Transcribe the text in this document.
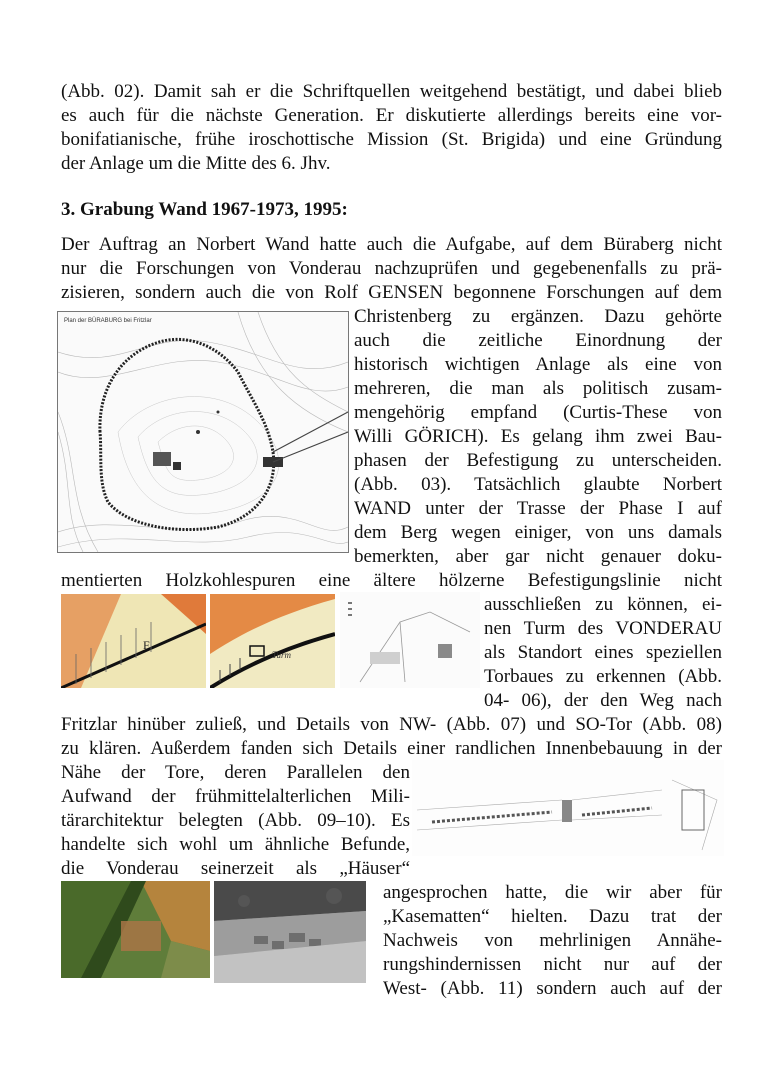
(Abb. 02). Damit sah er die Schriftquellen weitgehend bestätigt, und dabei blieb
es auch für die nächste Generation. Er diskutierte allerdings bereits eine vor-
bonifatianische, frühe iroschottische Mission (St. Brigida) und eine Gründung
der Anlage um die Mitte des 6. Jhv.
3. Grabung Wand 1967-1973, 1995:
Der Auftrag an Norbert Wand hatte auch die Aufgabe, auf dem Büraberg nicht
nur die Forschungen von Vonderau nachzuprüfen und gegebenenfalls zu prä-
zisieren, sondern auch die von Rolf GENSEN begonnene Forschungen auf dem
Christenberg zu ergänzen. Dazu gehörte
auch die zeitliche Einordnung der
historisch wichtigen Anlage als eine von
mehreren, die man als politisch zusam-
mengehörig empfand (Curtis-These von
Willi GÖRICH). Es gelang ihm zwei Bau-
phasen der Befestigung zu unterscheiden.
(Abb. 03). Tatsächlich glaubte Norbert
WAND unter der Trasse der Phase I auf
dem Berg wegen einiger, von uns damals
bemerkten, aber gar nicht genauer doku-
mentierten Holzkohlespuren eine ältere hölzerne Befestigungslinie nicht
ausschließen zu können, ei-
nen Turm des VONDERAU
als Standort eines speziellen
Torbaues zu erkennen (Abb.
04- 06), der den Weg nach
Fritzlar hinüber zuließ, und Details von NW- (Abb. 07) und SO-Tor (Abb. 08)
zu klären. Außerdem fanden sich Details einer randlichen Innenbebauung in der
Nähe der Tore, deren Parallelen den
Aufwand der frühmittelalterlichen Mili-
tärarchitektur belegten (Abb. 09–10). Es
handelte sich wohl um ähnliche Befunde,
die Vonderau seinerzeit als „Häuser“
angesprochen hatte, die wir aber für
„Kasematten“ hielten. Dazu trat der
Nachweis von mehrlinigen Annähe-
rungshindernissen nicht nur auf der
West- (Abb. 11) sondern auch auf der
Plan der BÜRABURG bei Fritzlar
F
Turm
